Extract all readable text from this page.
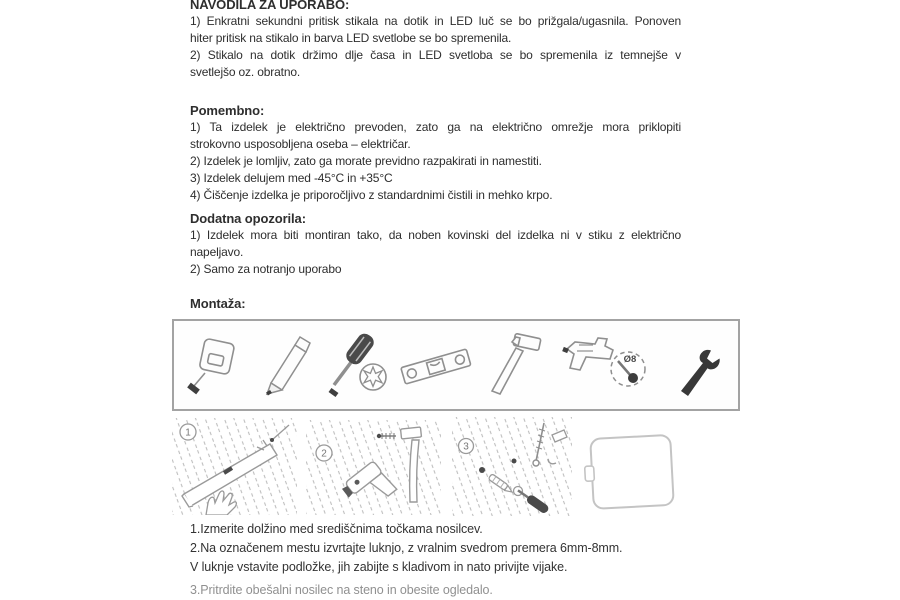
NAVODILA ZA UPORABO:
1) Enkratni sekundni pritisk stikala na dotik in LED luč se bo prižgala/ugasnila. Ponoven
hiter pritisk na stikalo in barva LED svetlobe se bo spremenila.
2) Stikalo na dotik držimo dlje časa in LED svetloba se bo spremenila iz temnejše v
svetlejšo oz. obratno.
Pomembno:
1) Ta izdelek je električno prevoden, zato ga na električno omrežje mora priklopiti
strokovno usposobljena oseba – električar.
2) Izdelek je lomljiv, zato ga morate previdno razpakirati in namestiti.
3) Izdelek delujem med -45°C in +35°C
4) Čiščenje izdelka je priporočljivo z standardnimi čistili in mehko krpo.
Dodatna opozorila:
1) Izdelek mora biti montiran tako, da noben kovinski del izdelka ni v stiku z električno
napeljavo.
2) Samo za notranjo uporabo
Montaža:
Ø8
1
2
3
1.Izmerite dolžino med središčnima točkama nosilcev.
2.Na označenem mestu izvrtajte luknjo, z vralnim svedrom premera 6mm-8mm.
V luknje vstavite podložke, jih zabijte s kladivom in nato privijte vijake.
3.Pritrdite obešalni nosilec na steno in obesite ogledalo.
